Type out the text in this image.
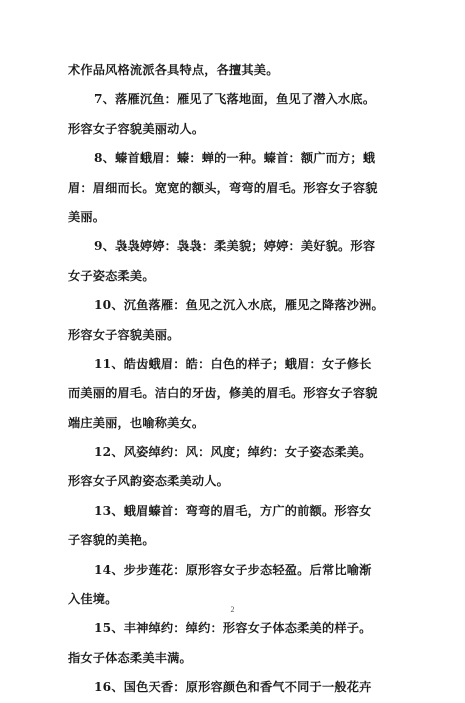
术作品风格流派各具特点，各擅其美。
7、落雁沉鱼：雁见了飞落地面，鱼见了潜入水底。
形容女子容貌美丽动人。
8、螓首蛾眉：螓：蝉的一种。螓首：额广而方；蛾
眉：眉细而长。宽宽的额头，弯弯的眉毛。形容女子容貌
美丽。
9、袅袅婷婷：袅袅：柔美貌；婷婷：美好貌。形容
女子姿态柔美。
10、沉鱼落雁：鱼见之沉入水底，雁见之降落沙洲。
形容女子容貌美丽。
11、皓齿蛾眉：皓：白色的样子；蛾眉：女子修长
而美丽的眉毛。洁白的牙齿，修美的眉毛。形容女子容貌
端庄美丽，也喻称美女。
12、风姿绰约：风：风度；绰约：女子姿态柔美。
形容女子风韵姿态柔美动人。
13、蛾眉螓首：弯弯的眉毛，方广的前额。形容女
子容貌的美艳。
14、步步莲花：原形容女子步态轻盈。后常比喻渐
入佳境。
15、丰神绰约：绰约：形容女子体态柔美的样子。
指女子体态柔美丰满。
16、国色天香：原形容颜色和香气不同于一般花卉
2
